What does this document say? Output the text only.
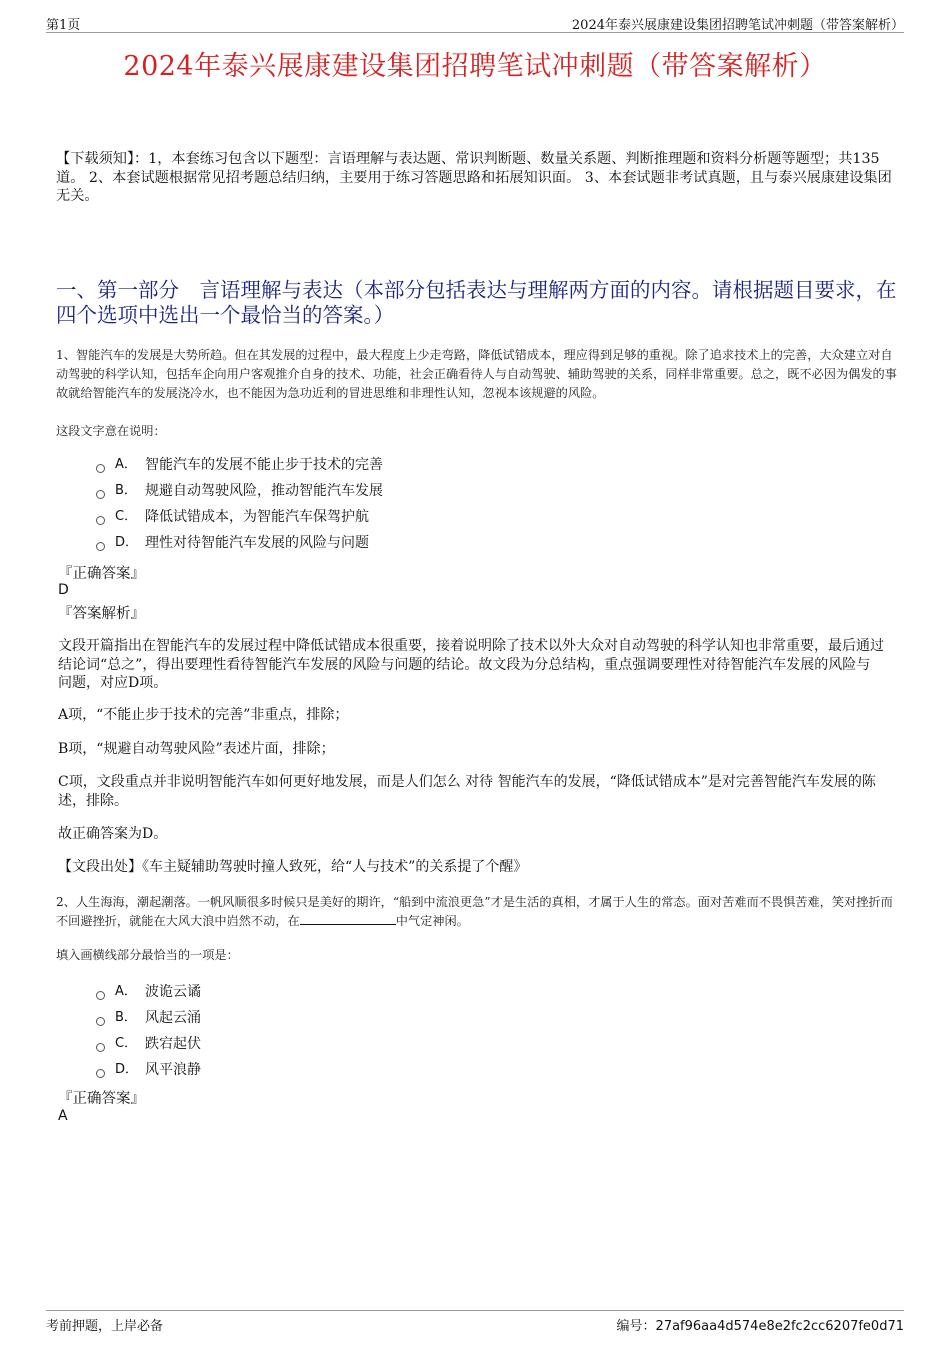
第1页	2024年泰兴展康建设集团招聘笔试冲刺题（带答案解析）
2024年泰兴展康建设集团招聘笔试冲刺题（带答案解析）
【下载须知】：1，本套练习包含以下题型：言语理解与表达题、常识判断题、数量关系题、判断推理题和资料分析题等题型；共135道。 2、本套试题根据常见招考题总结归纳，主要用于练习答题思路和拓展知识面。 3、本套试题非考试真题，且与泰兴展康建设集团无关。
一、第一部分　言语理解与表达（本部分包括表达与理解两方面的内容。请根据题目要求，在四个选项中选出一个最恰当的答案。）
1、智能汽车的发展是大势所趋。但在其发展的过程中，最大程度上少走弯路，降低试错成本，理应得到足够的重视。除了追求技术上的完善，大众建立对自动驾驶的科学认知，包括车企向用户客观推介自身的技术、功能，社会正确看待人与自动驾驶、辅助驾驶的关系，同样非常重要。总之，既不必因为偶发的事故就给智能汽车的发展浇冷水，也不能因为急功近利的冒进思维和非理性认知，忽视本该规避的风险。
这段文字意在说明：
A． 智能汽车的发展不能止步于技术的完善
B． 规避自动驾驶风险，推动智能汽车发展
C． 降低试错成本，为智能汽车保驾护航
D． 理性对待智能汽车发展的风险与问题
『正确答案』
D
『答案解析』
文段开篇指出在智能汽车的发展过程中降低试错成本很重要，接着说明除了技术以外大众对自动驾驶的科学认知也非常重要，最后通过结论词“总之”，得出要理性看待智能汽车发展的风险与问题的结论。故文段为分总结构，重点强调要理性对待智能汽车发展的风险与问题，对应D项。
A项，“不能止步于技术的完善”非重点，排除；
B项，“规避自动驾驶风险”表述片面，排除；
C项，文段重点并非说明智能汽车如何更好地发展，而是人们怎么 对待 智能汽车的发展，“降低试错成本”是对完善智能汽车发展的陈述，排除。
故正确答案为D。
【文段出处】《车主疑辅助驾驶时撞人致死，给“人与技术”的关系提了个醒》
2、人生海海，潮起潮落。一帆风顺很多时候只是美好的期许，“船到中流浪更急”才是生活的真相，才属于人生的常态。面对苦难而不畏惧苦难，笑对挫折而不回避挫折，就能在大风大浪中岿然不动，在	中气定神闲。
填入画横线部分最恰当的一项是：
A． 波诡云谲
B． 风起云涌
C． 跌宕起伏
D． 风平浪静
『正确答案』
A
考前押题，上岸必备	编号：27af96aa4d574e8e2fc2cc6207fe0d71
